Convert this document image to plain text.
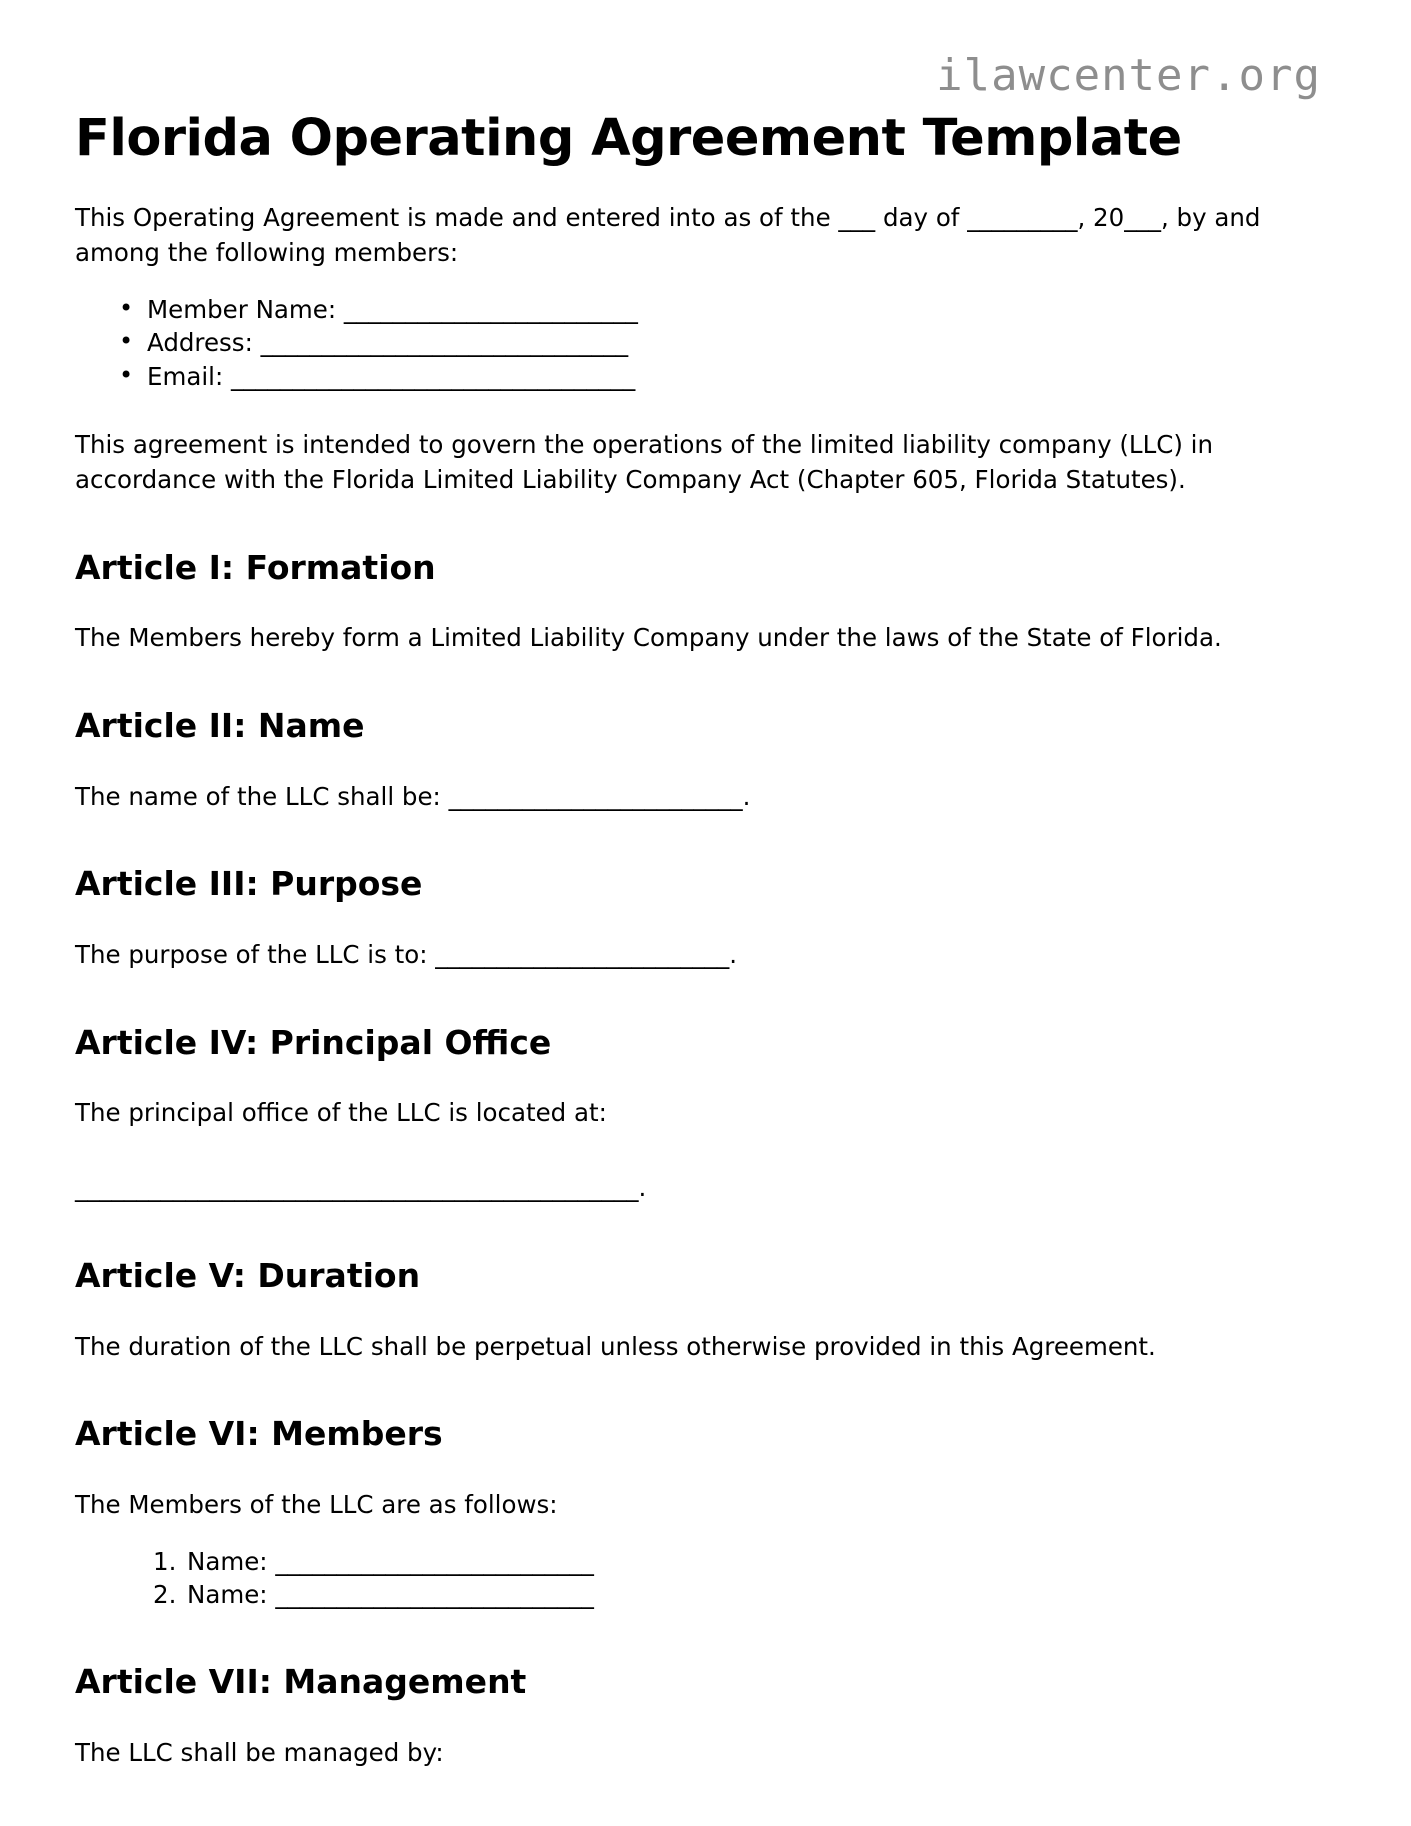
ilawcenter.org
Florida Operating Agreement Template

This Operating Agreement is made and entered into as of the ___ day of _________, 20___, by and among the following members:

• Member Name: ________________________
• Address: ______________________________
• Email: _________________________________

This agreement is intended to govern the operations of the limited liability company (LLC) in accordance with the Florida Limited Liability Company Act (Chapter 605, Florida Statutes).

Article I: Formation

The Members hereby form a Limited Liability Company under the laws of the State of Florida.

Article II: Name

The name of the LLC shall be: ________________________.

Article III: Purpose

The purpose of the LLC is to: ________________________.

Article IV: Principal Office

The principal office of the LLC is located at:

______________________________________________.

Article V: Duration

The duration of the LLC shall be perpetual unless otherwise provided in this Agreement.

Article VI: Members

The Members of the LLC are as follows:

Name: __________________________
Name: __________________________
Article VII: Management

The LLC shall be managed by:
